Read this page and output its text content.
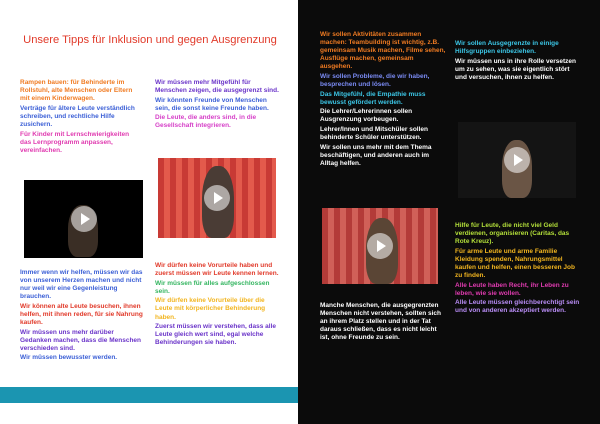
Unsere Tipps für Inklusion und gegen Ausgrenzung

Rampen bauen: für Behinderte im Rollstuhl, alte Menschen oder Eltern mit einem Kinderwagen.

Verträge für ältere Leute verständlich schreiben, und rechtliche Hilfe zusichern.

Für Kinder mit Lernschwierigkeiten das Lernprogramm anpassen, vereinfachen.

Wir müssen mehr Mitgefühl für Menschen zeigen, die ausgegrenzt sind.

Wir könnten Freunde von Menschen sein, die sonst keine Freunde haben.

Die Leute, die anders sind, in die Gesellschaft integrieren.

Immer wenn wir helfen, müssen wir das von unserem Herzen machen und nicht nur weil wir eine Gegenleistung brauchen.

Wir können alte Leute besuchen, ihnen helfen, mit ihnen reden, für sie Nahrung kaufen.

Wir müssen uns mehr darüber Gedanken machen, dass die Menschen verschieden sind.

Wir müssen bewusster werden.

Wir dürfen keine Vorurteile haben und zuerst müssen wir Leute kennen lernen.

Wir müssen für alles aufgeschlossen sein.

Wir dürfen keine Vorurteile über die Leute mit körperlicher Behinderung haben.

Zuerst müssen wir verstehen, dass alle Leute gleich wert sind, egal welche Behinderungen sie haben.

Wir sollen Aktivitäten zusammen machen: Teambuilding ist wichtig, z.B. gemeinsam Musik machen, Filme sehen, Ausflüge machen, gemeinsam ausgehen.

Wir sollen Probleme, die wir haben, besprechen und lösen.

Das Mitgefühl, die Empathie muss bewusst gefördert werden.

Die Lehrer/Lehrerinnen sollen Ausgrenzung vorbeugen.

Lehrer/Innen und Mitschüler sollen behinderte Schüler unterstützen.

Wir sollen uns mehr mit dem Thema beschäftigen, und anderen auch im Alltag helfen.

Manche Menschen, die ausgegrenzten Menschen nicht verstehen, sollten sich an ihrem Platz stellen und in der Tat daraus schließen, dass es nicht leicht ist, ohne Freunde zu sein.

Wir sollen Ausgegrenzte in einige Hilfsgruppen einbeziehen.

Wir müssen uns in ihre Rolle versetzen um zu sehen, was sie eigentlich stört und versuchen, ihnen zu helfen.

Hilfe für Leute, die nicht viel Geld verdienen, organisieren (Caritas, das Rote Kreuz).

Für arme Leute und arme Familie Kleidung spenden, Nahrungsmittel kaufen und helfen, einen besseren Job zu finden.

Alle Leute haben Recht, ihr Leben zu leben, wie sie wollen.

Alle Leute müssen gleichberechtigt sein und von anderen akzeptiert werden.
